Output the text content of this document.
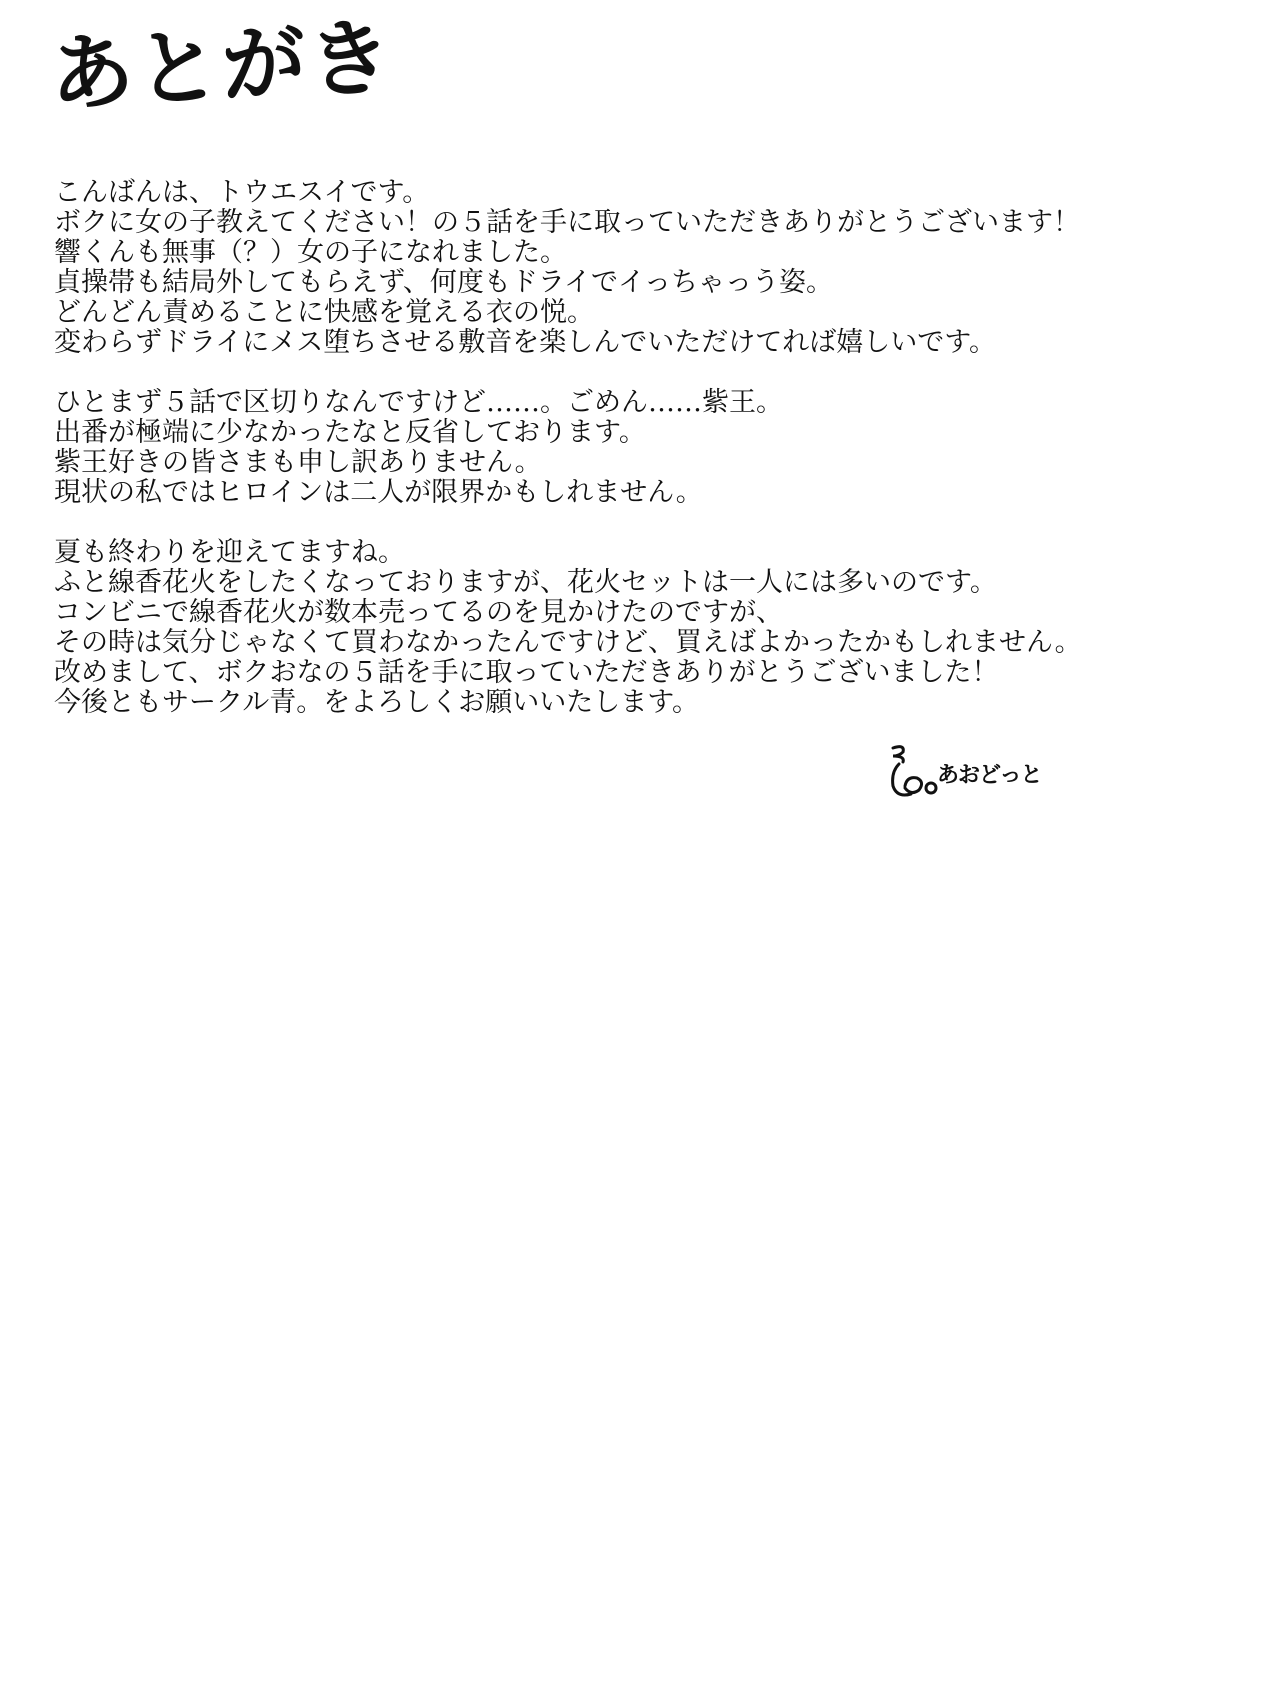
あとがき
こんばんは、トウエスイです。
ボクに女の子教えてください！の５話を手に取っていただきありがとうございます！
響くんも無事（？）女の子になれました。
貞操帯も結局外してもらえず、何度もドライでイっちゃっう姿。
どんどん責めることに快感を覚える衣の悦。
変わらずドライにメス堕ちさせる敷音を楽しんでいただけてれば嬉しいです。
ひとまず５話で区切りなんですけど……。ごめん……紫王。
出番が極端に少なかったなと反省しております。
紫王好きの皆さまも申し訳ありません。
現状の私ではヒロインは二人が限界かもしれません。
夏も終わりを迎えてますね。
ふと線香花火をしたくなっておりますが、花火セットは一人には多いのです。
コンビニで線香花火が数本売ってるのを見かけたのですが、
その時は気分じゃなくて買わなかったんですけど、買えばよかったかもしれません。
改めまして、ボクおなの５話を手に取っていただきありがとうございました！
今後ともサークル青。をよろしくお願いいたします。
あおどっと
